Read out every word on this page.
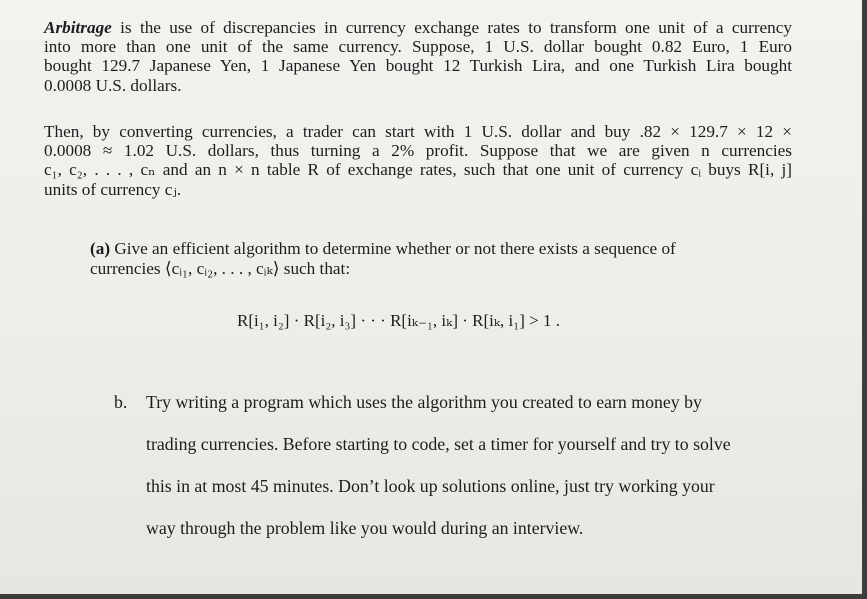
Arbitrage is the use of discrepancies in currency exchange rates to transform one unit of a currency
into more than one unit of the same currency. Suppose, 1 U.S. dollar bought 0.82 Euro, 1 Euro
bought 129.7 Japanese Yen, 1 Japanese Yen bought 12 Turkish Lira, and one Turkish Lira bought
0.0008 U.S. dollars.
Then, by converting currencies, a trader can start with 1 U.S. dollar and buy .82 × 129.7 × 12 ×
0.0008 ≈ 1.02 U.S. dollars, thus turning a 2% profit. Suppose that we are given n currencies
c₁, c₂, . . . , cₙ and an n × n table R of exchange rates, such that one unit of currency cᵢ buys R[i, j]
units of currency cⱼ.
(a) Give an efficient algorithm to determine whether or not there exists a sequence of
currencies ⟨cᵢ₁, cᵢ₂, . . . , cᵢₖ⟩ such that:
R[i₁, i₂] · R[i₂, i₃] · · · R[iₖ₋₁, iₖ] · R[iₖ, i₁] > 1 .
b. Try writing a program which uses the algorithm you created to earn money by
trading currencies. Before starting to code, set a timer for yourself and try to solve
this in at most 45 minutes. Don’t look up solutions online, just try working your
way through the problem like you would during an interview.
